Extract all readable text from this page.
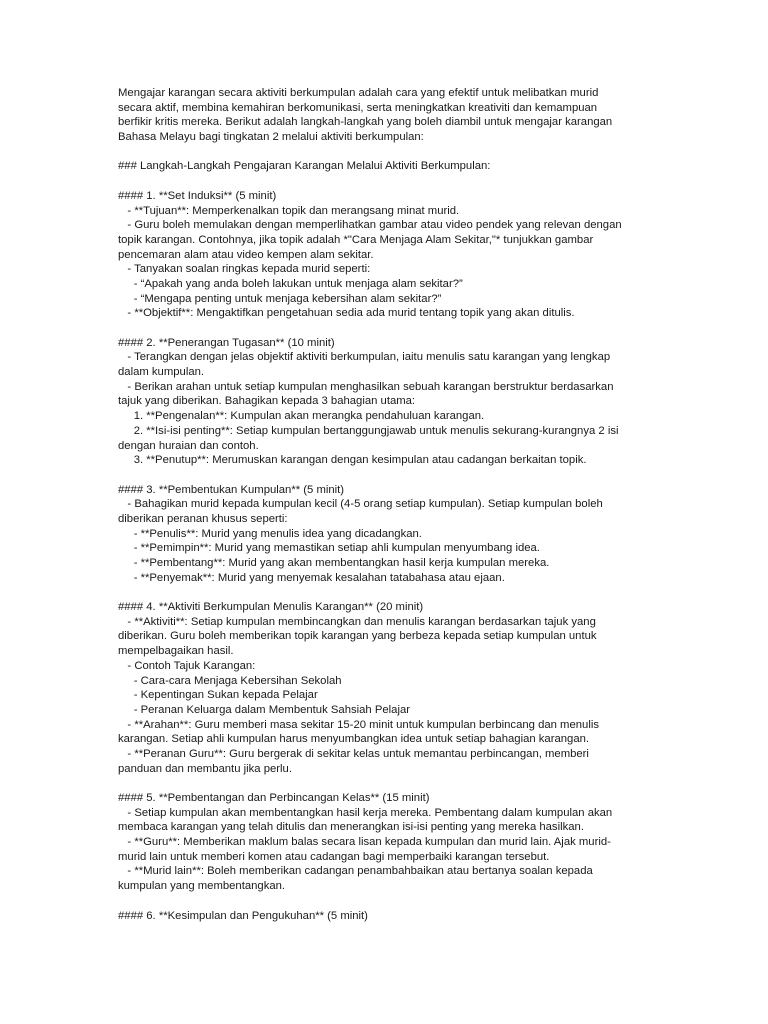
Mengajar karangan secara aktiviti berkumpulan adalah cara yang efektif untuk melibatkan murid
secara aktif, membina kemahiran berkomunikasi, serta meningkatkan kreativiti dan kemampuan
berfikir kritis mereka. Berikut adalah langkah-langkah yang boleh diambil untuk mengajar karangan
Bahasa Melayu bagi tingkatan 2 melalui aktiviti berkumpulan:
### Langkah-Langkah Pengajaran Karangan Melalui Aktiviti Berkumpulan:
#### 1. **Set Induksi** (5 minit)
- **Tujuan**: Memperkenalkan topik dan merangsang minat murid.
- Guru boleh memulakan dengan memperlihatkan gambar atau video pendek yang relevan dengan
topik karangan. Contohnya, jika topik adalah *"Cara Menjaga Alam Sekitar,"* tunjukkan gambar
pencemaran alam atau video kempen alam sekitar.
- Tanyakan soalan ringkas kepada murid seperti:
- “Apakah yang anda boleh lakukan untuk menjaga alam sekitar?”
- “Mengapa penting untuk menjaga kebersihan alam sekitar?”
- **Objektif**: Mengaktifkan pengetahuan sedia ada murid tentang topik yang akan ditulis.
#### 2. **Penerangan Tugasan** (10 minit)
- Terangkan dengan jelas objektif aktiviti berkumpulan, iaitu menulis satu karangan yang lengkap
dalam kumpulan.
- Berikan arahan untuk setiap kumpulan menghasilkan sebuah karangan berstruktur berdasarkan
tajuk yang diberikan. Bahagikan kepada 3 bahagian utama:
1. **Pengenalan**: Kumpulan akan merangka pendahuluan karangan.
2. **Isi-isi penting**: Setiap kumpulan bertanggungjawab untuk menulis sekurang-kurangnya 2 isi
dengan huraian dan contoh.
3. **Penutup**: Merumuskan karangan dengan kesimpulan atau cadangan berkaitan topik.
#### 3. **Pembentukan Kumpulan** (5 minit)
- Bahagikan murid kepada kumpulan kecil (4-5 orang setiap kumpulan). Setiap kumpulan boleh
diberikan peranan khusus seperti:
- **Penulis**: Murid yang menulis idea yang dicadangkan.
- **Pemimpin**: Murid yang memastikan setiap ahli kumpulan menyumbang idea.
- **Pembentang**: Murid yang akan membentangkan hasil kerja kumpulan mereka.
- **Penyemak**: Murid yang menyemak kesalahan tatabahasa atau ejaan.
#### 4. **Aktiviti Berkumpulan Menulis Karangan** (20 minit)
- **Aktiviti**: Setiap kumpulan membincangkan dan menulis karangan berdasarkan tajuk yang
diberikan. Guru boleh memberikan topik karangan yang berbeza kepada setiap kumpulan untuk
mempelbagaikan hasil.
- Contoh Tajuk Karangan:
- Cara-cara Menjaga Kebersihan Sekolah
- Kepentingan Sukan kepada Pelajar
- Peranan Keluarga dalam Membentuk Sahsiah Pelajar
- **Arahan**: Guru memberi masa sekitar 15-20 minit untuk kumpulan berbincang dan menulis
karangan. Setiap ahli kumpulan harus menyumbangkan idea untuk setiap bahagian karangan.
- **Peranan Guru**: Guru bergerak di sekitar kelas untuk memantau perbincangan, memberi
panduan dan membantu jika perlu.
#### 5. **Pembentangan dan Perbincangan Kelas** (15 minit)
- Setiap kumpulan akan membentangkan hasil kerja mereka. Pembentang dalam kumpulan akan
membaca karangan yang telah ditulis dan menerangkan isi-isi penting yang mereka hasilkan.
- **Guru**: Memberikan maklum balas secara lisan kepada kumpulan dan murid lain. Ajak murid-
murid lain untuk memberi komen atau cadangan bagi memperbaiki karangan tersebut.
- **Murid lain**: Boleh memberikan cadangan penambahbaikan atau bertanya soalan kepada
kumpulan yang membentangkan.
#### 6. **Kesimpulan dan Pengukuhan** (5 minit)
